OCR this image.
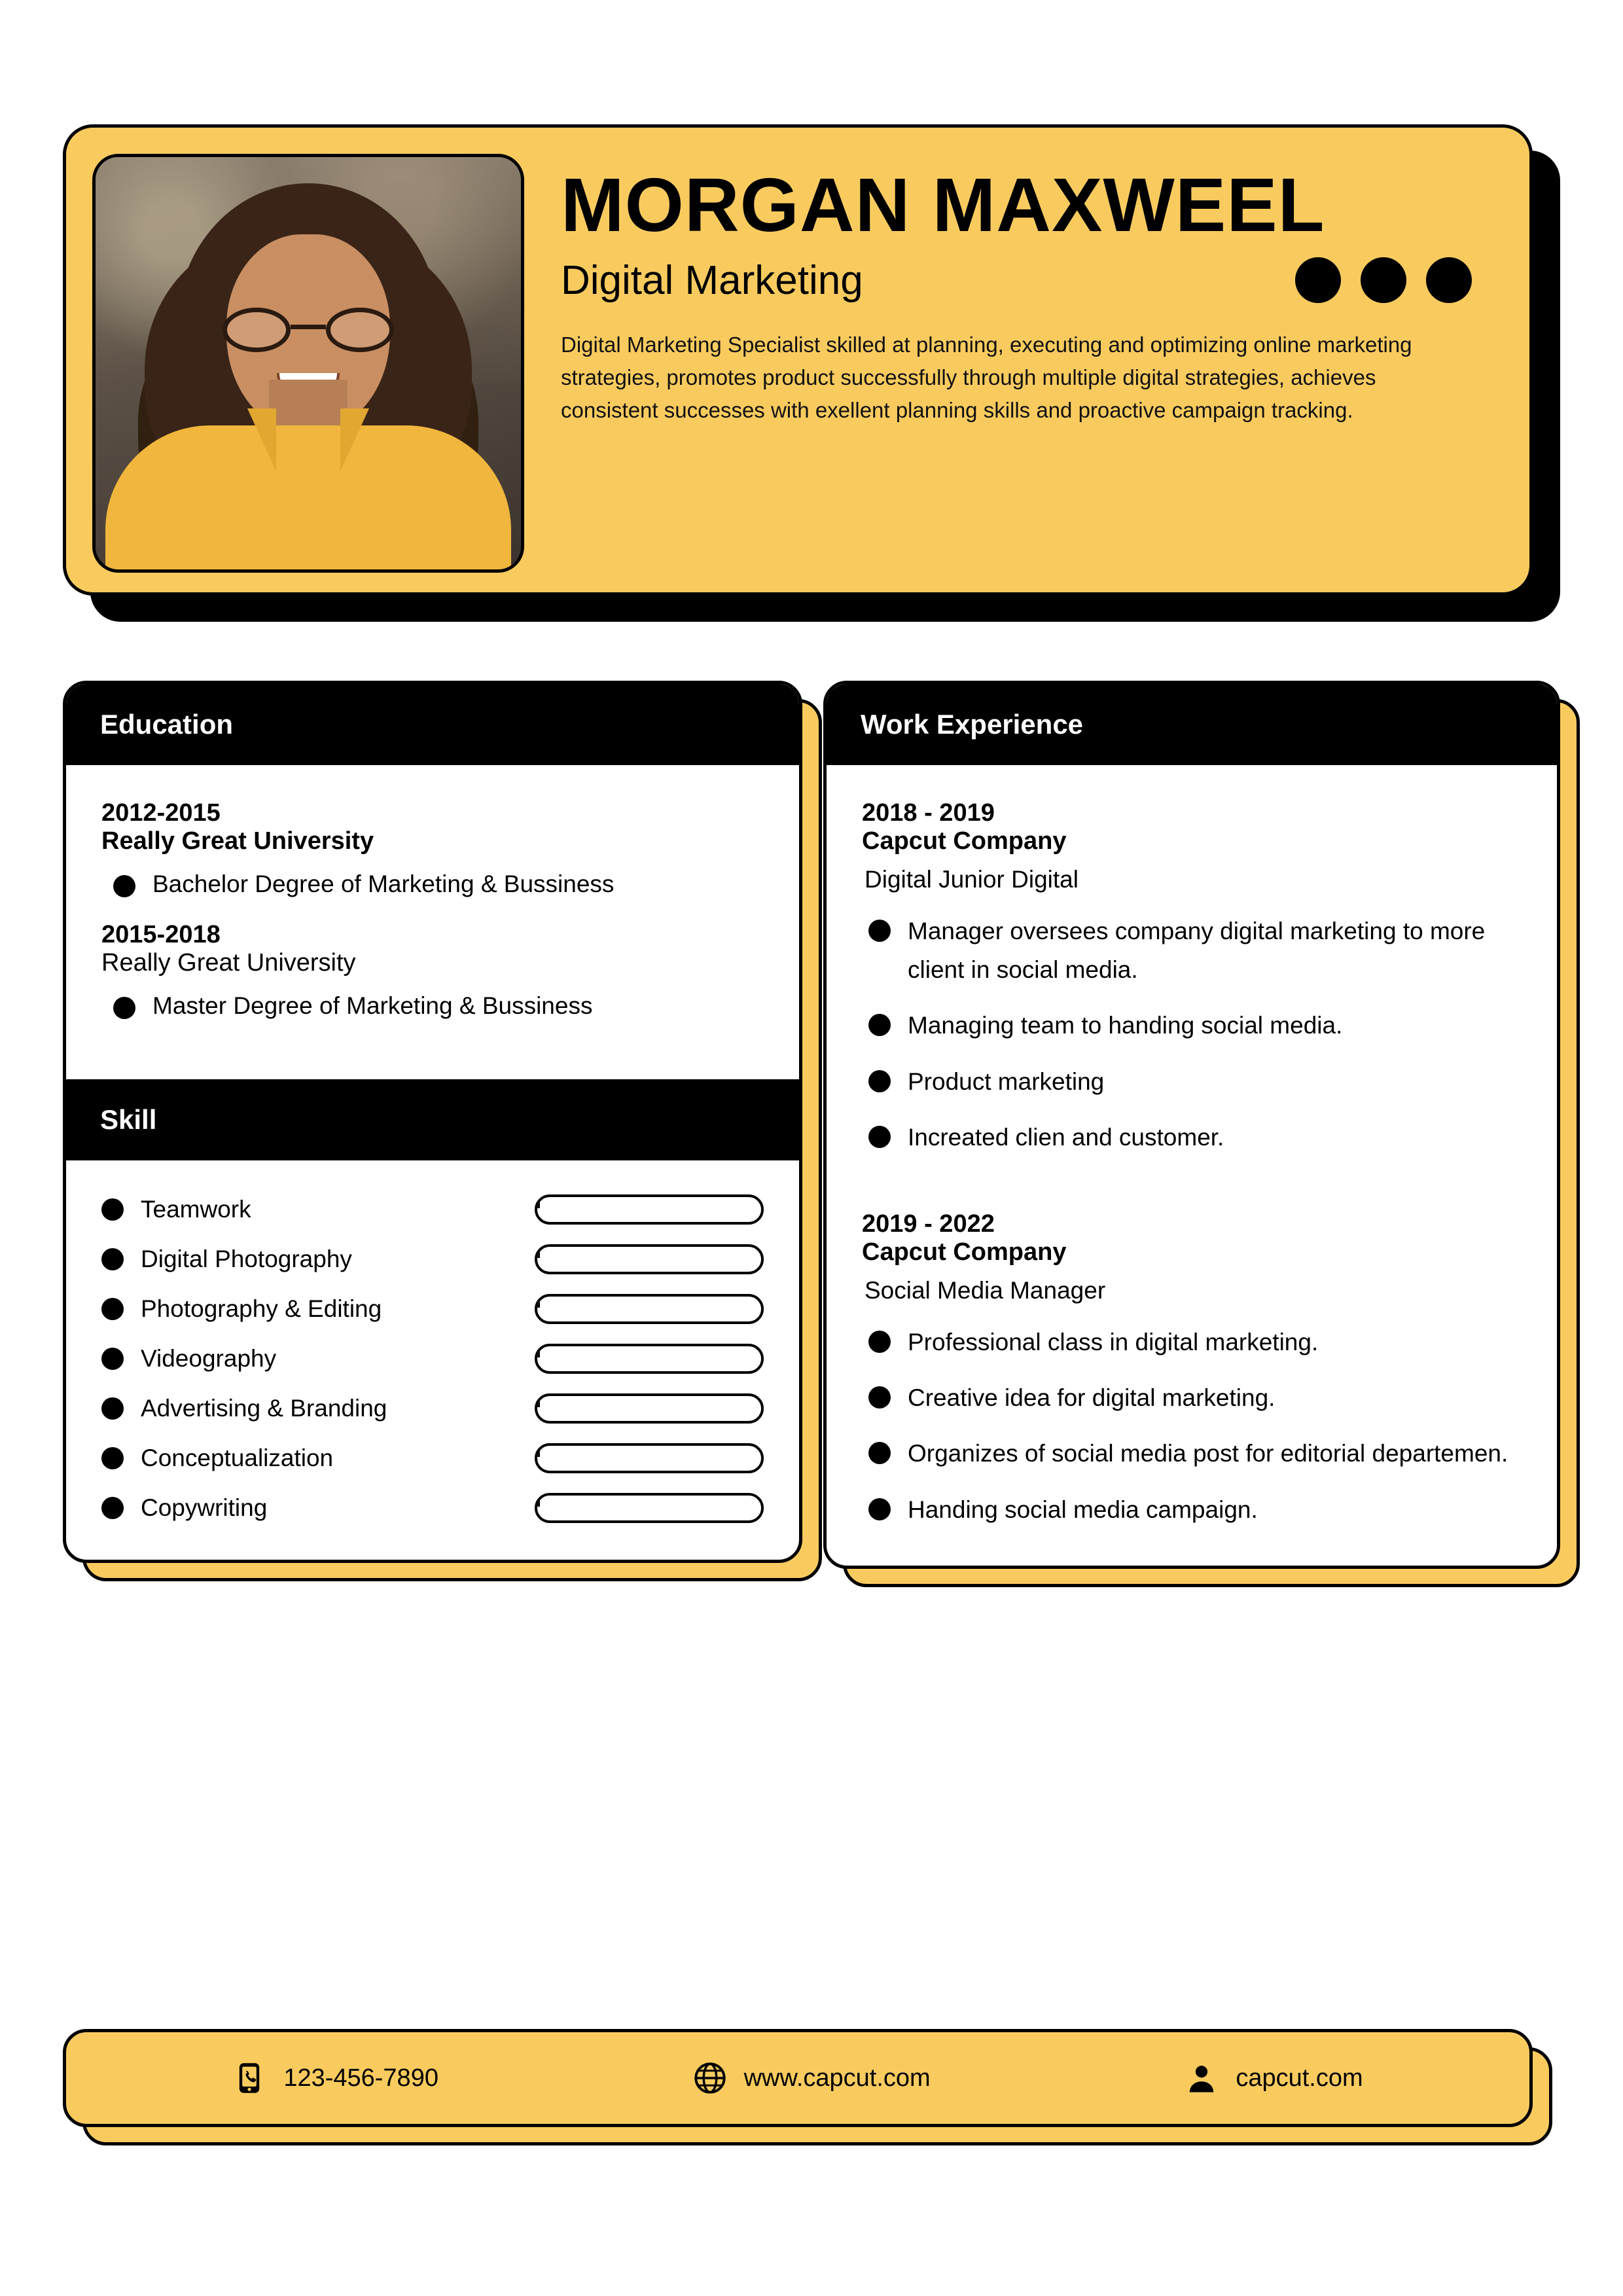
MORGAN MAXWEEL
Digital Marketing
Digital Marketing Specialist skilled at planning, executing and optimizing online marketing strategies, promotes product successfully through multiple digital strategies, achieves consistent successes with exellent planning skills and proactive campaign tracking.
Education
2012-2015
Really Great University
Bachelor Degree of Marketing & Bussiness
2015-2018
Really Great University
Master Degree of Marketing & Bussiness
Skill
Teamwork
Digital Photography
Photography & Editing
Videography
Advertising & Branding
Conceptualization
Copywriting
Work Experience
2018 - 2019
Capcut Company
Digital Junior Digital
Manager oversees company digital marketing to more client in social media.
Managing team to handing social media.
Product marketing
Increated clien and customer.
2019 - 2022
Capcut Company
Social Media Manager
Professional class in digital marketing.
Creative idea for digital marketing.
Organizes of social media post for editorial departemen.
Handing social media campaign.
123-456-7890	www.capcut.com	capcut.com
